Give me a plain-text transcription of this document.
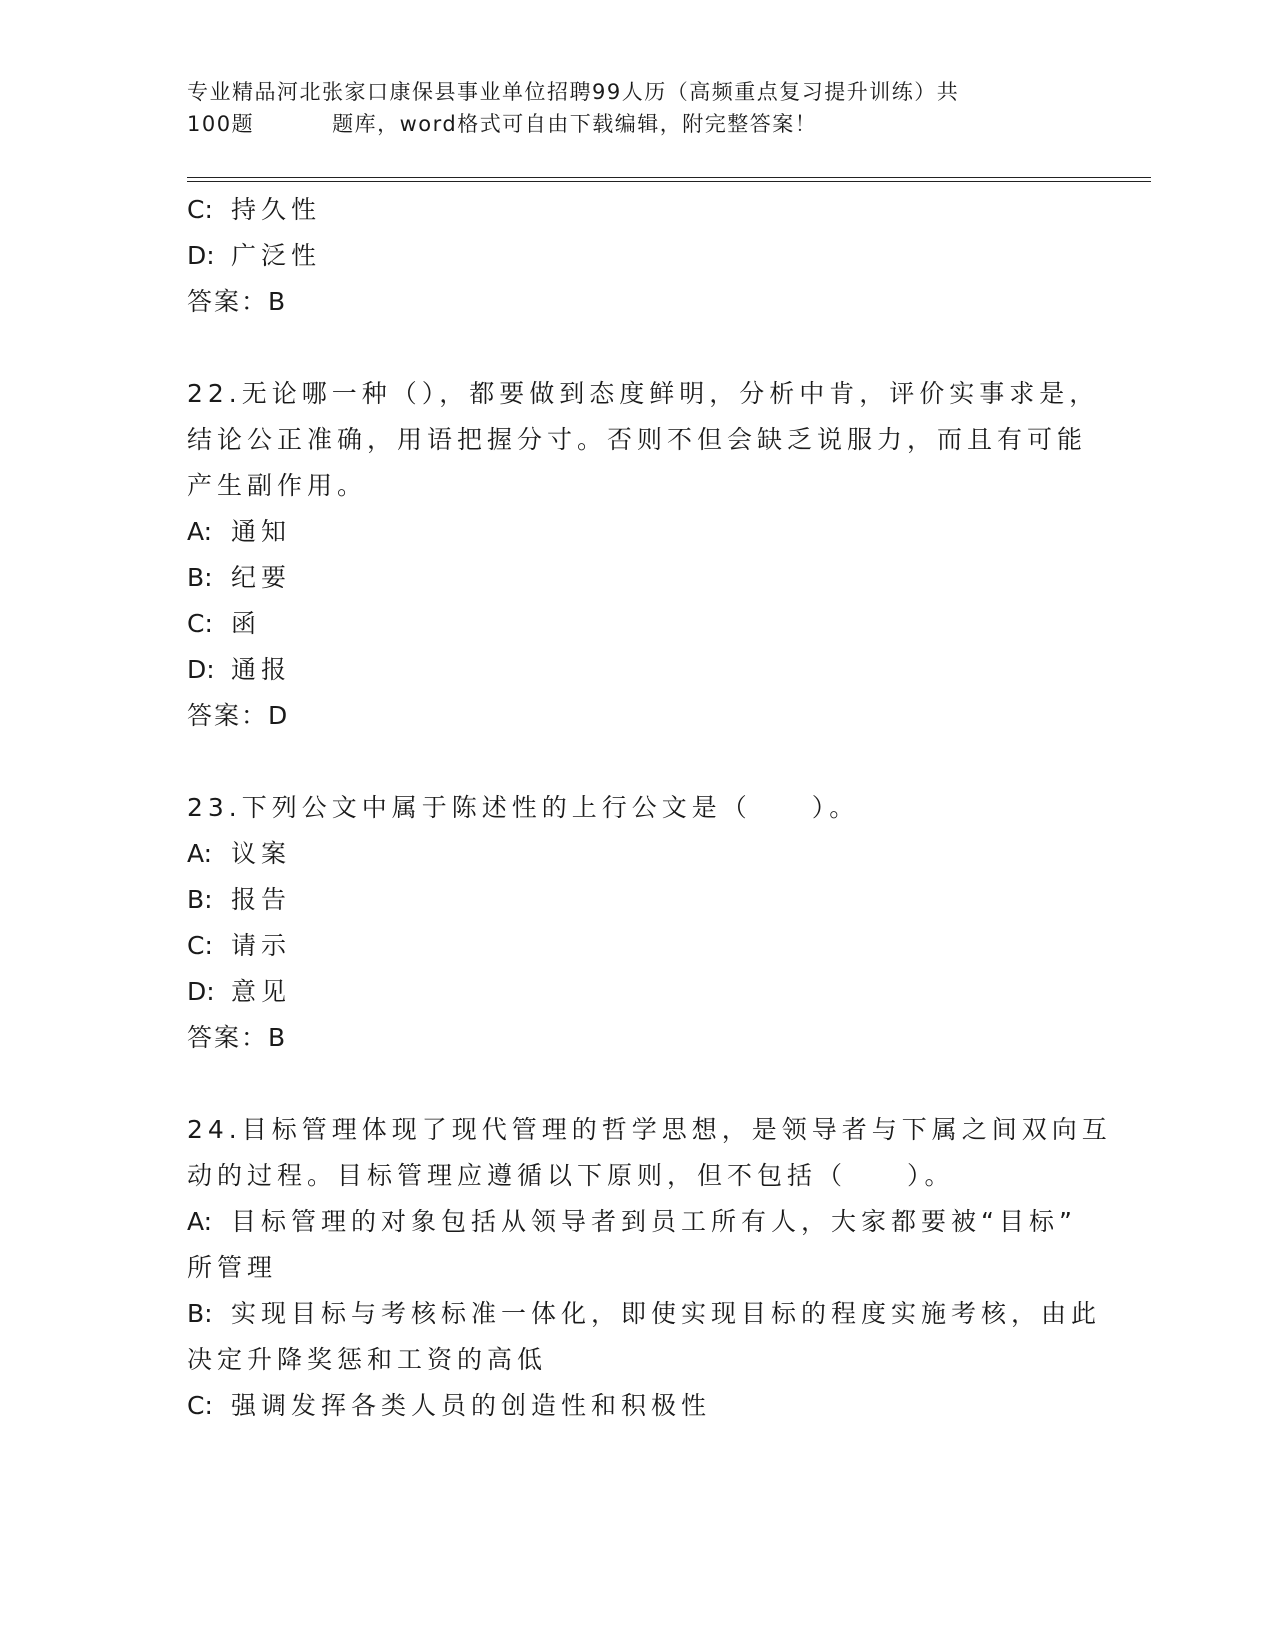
专业精品河北张家口康保县事业单位招聘99人历（高频重点复习提升训练）共
100题	题库，word格式可自由下载编辑，附完整答案！
C: 持久性
D: 广泛性
答案：B
22.无论哪一种（），都要做到态度鲜明，分析中肯，评价实事求是，
结论公正准确，用语把握分寸。否则不但会缺乏说服力，而且有可能
产生副作用。
A: 通知
B: 纪要
C: 函
D: 通报
答案：D
23.下列公文中属于陈述性的上行公文是（　　）。
A: 议案
B: 报告
C: 请示
D: 意见
答案：B
24.目标管理体现了现代管理的哲学思想，是领导者与下属之间双向互
动的过程。目标管理应遵循以下原则，但不包括（　　）。
A: 目标管理的对象包括从领导者到员工所有人，大家都要被“目标”
所管理
B: 实现目标与考核标准一体化，即使实现目标的程度实施考核，由此
决定升降奖惩和工资的高低
C: 强调发挥各类人员的创造性和积极性
